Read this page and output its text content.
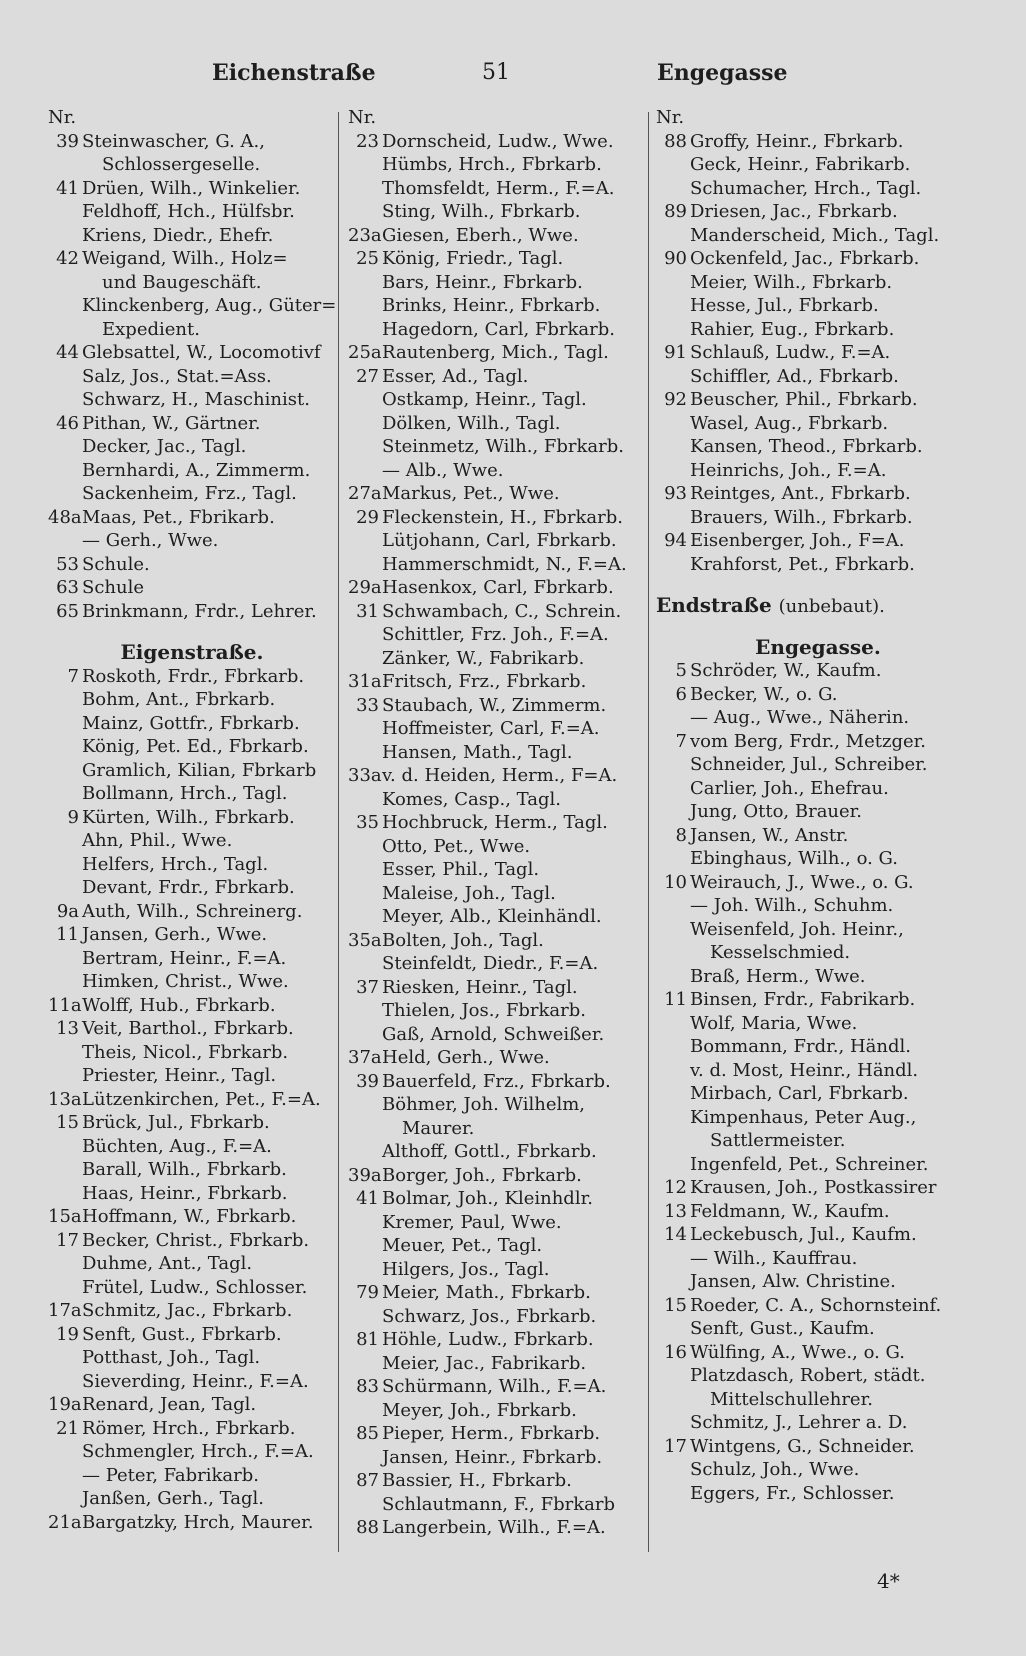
Eichenstraße	51	Engegasse
Nr.
39 Steinwascher, G. A.,
Schlossergeselle.
41 Drüen, Wilh., Winkelier.
Feldhoff, Hch., Hülfsbr.
Kriens, Diedr., Ehefr.
42 Weigand, Wilh., Holz=
und Baugeschäft.
Klinckenberg, Aug., Güter=
Expedient.
44 Glebsattel, W., Locomotivf
Salz, Jos., Stat.=Ass.
Schwarz, H., Maschinist.
46 Pithan, W., Gärtner.
Decker, Jac., Tagl.
Bernhardi, A., Zimmerm.
Sackenheim, Frz., Tagl.
48a Maas, Pet., Fbrikarb.
— Gerh., Wwe.
53 Schule.
63 Schule
65 Brinkmann, Frdr., Lehrer.
Eigenstraße.
7 Roskoth, Frdr., Fbrkarb.
Bohm, Ant., Fbrkarb.
Mainz, Gottfr., Fbrkarb.
König, Pet. Ed., Fbrkarb.
Gramlich, Kilian, Fbrkarb
Bollmann, Hrch., Tagl.
9 Kürten, Wilh., Fbrkarb.
Ahn, Phil., Wwe.
Helfers, Hrch., Tagl.
Devant, Frdr., Fbrkarb.
9a Auth, Wilh., Schreinerg.
11 Jansen, Gerh., Wwe.
Bertram, Heinr., F.=A.
Himken, Christ., Wwe.
11a Wolff, Hub., Fbrkarb.
13 Veit, Barthol., Fbrkarb.
Theis, Nicol., Fbrkarb.
Priester, Heinr., Tagl.
13a Lützenkirchen, Pet., F.=A.
15 Brück, Jul., Fbrkarb.
Büchten, Aug., F.=A.
Barall, Wilh., Fbrkarb.
Haas, Heinr., Fbrkarb.
15a Hoffmann, W., Fbrkarb.
17 Becker, Christ., Fbrkarb.
Duhme, Ant., Tagl.
Frütel, Ludw., Schlosser.
17a Schmitz, Jac., Fbrkarb.
19 Senft, Gust., Fbrkarb.
Potthast, Joh., Tagl.
Sieverding, Heinr., F.=A.
19a Renard, Jean, Tagl.
21 Römer, Hrch., Fbrkarb.
Schmengler, Hrch., F.=A.
— Peter, Fabrikarb.
Janßen, Gerh., Tagl.
21a Bargatzky, Hrch, Maurer.
Nr.
23 Dornscheid, Ludw., Wwe.
Hümbs, Hrch., Fbrkarb.
Thomsfeldt, Herm., F.=A.
Sting, Wilh., Fbrkarb.
23a Giesen, Eberh., Wwe.
25 König, Friedr., Tagl.
Bars, Heinr., Fbrkarb.
Brinks, Heinr., Fbrkarb.
Hagedorn, Carl, Fbrkarb.
25a Rautenberg, Mich., Tagl.
27 Esser, Ad., Tagl.
Ostkamp, Heinr., Tagl.
Dölken, Wilh., Tagl.
Steinmetz, Wilh., Fbrkarb.
— Alb., Wwe.
27a Markus, Pet., Wwe.
29 Fleckenstein, H., Fbrkarb.
Lütjohann, Carl, Fbrkarb.
Hammerschmidt, N., F.=A.
29a Hasenkox, Carl, Fbrkarb.
31 Schwambach, C., Schrein.
Schittler, Frz. Joh., F.=A.
Zänker, W., Fabrikarb.
31a Fritsch, Frz., Fbrkarb.
33 Staubach, W., Zimmerm.
Hoffmeister, Carl, F.=A.
Hansen, Math., Tagl.
33a v. d. Heiden, Herm., F=A.
Komes, Casp., Tagl.
35 Hochbruck, Herm., Tagl.
Otto, Pet., Wwe.
Esser, Phil., Tagl.
Maleise, Joh., Tagl.
Meyer, Alb., Kleinhändl.
35a Bolten, Joh., Tagl.
Steinfeldt, Diedr., F.=A.
37 Riesken, Heinr., Tagl.
Thielen, Jos., Fbrkarb.
Gaß, Arnold, Schweißer.
37a Held, Gerh., Wwe.
39 Bauerfeld, Frz., Fbrkarb.
Böhmer, Joh. Wilhelm,
Maurer.
Althoff, Gottl., Fbrkarb.
39a Borger, Joh., Fbrkarb.
41 Bolmar, Joh., Kleinhdlr.
Kremer, Paul, Wwe.
Meuer, Pet., Tagl.
Hilgers, Jos., Tagl.
79 Meier, Math., Fbrkarb.
Schwarz, Jos., Fbrkarb.
81 Höhle, Ludw., Fbrkarb.
Meier, Jac., Fabrikarb.
83 Schürmann, Wilh., F.=A.
Meyer, Joh., Fbrkarb.
85 Pieper, Herm., Fbrkarb.
Jansen, Heinr., Fbrkarb.
87 Bassier, H., Fbrkarb.
Schlautmann, F., Fbrkarb
88 Langerbein, Wilh., F.=A.
Nr.
88 Groffy, Heinr., Fbrkarb.
Geck, Heinr., Fabrikarb.
Schumacher, Hrch., Tagl.
89 Driesen, Jac., Fbrkarb.
Manderscheid, Mich., Tagl.
90 Ockenfeld, Jac., Fbrkarb.
Meier, Wilh., Fbrkarb.
Hesse, Jul., Fbrkarb.
Rahier, Eug., Fbrkarb.
91 Schlauß, Ludw., F.=A.
Schiffler, Ad., Fbrkarb.
92 Beuscher, Phil., Fbrkarb.
Wasel, Aug., Fbrkarb.
Kansen, Theod., Fbrkarb.
Heinrichs, Joh., F.=A.
93 Reintges, Ant., Fbrkarb.
Brauers, Wilh., Fbrkarb.
94 Eisenberger, Joh., F=A.
Krahforst, Pet., Fbrkarb.
Endstraße (unbebaut).
Engegasse.
5 Schröder, W., Kaufm.
6 Becker, W., o. G.
— Aug., Wwe., Näherin.
7 vom Berg, Frdr., Metzger.
Schneider, Jul., Schreiber.
Carlier, Joh., Ehefrau.
Jung, Otto, Brauer.
8 Jansen, W., Anstr.
Ebinghaus, Wilh., o. G.
10 Weirauch, J., Wwe., o. G.
— Joh. Wilh., Schuhm.
Weisenfeld, Joh. Heinr.,
Kesselschmied.
Braß, Herm., Wwe.
11 Binsen, Frdr., Fabrikarb.
Wolf, Maria, Wwe.
Bommann, Frdr., Händl.
v. d. Most, Heinr., Händl.
Mirbach, Carl, Fbrkarb.
Kimpenhaus, Peter Aug.,
Sattlermeister.
Ingenfeld, Pet., Schreiner.
12 Krausen, Joh., Postkassirer
13 Feldmann, W., Kaufm.
14 Leckebusch, Jul., Kaufm.
— Wilh., Kauffrau.
Jansen, Alw. Christine.
15 Roeder, C. A., Schornsteinf.
Senft, Gust., Kaufm.
16 Wülfing, A., Wwe., o. G.
Platzdasch, Robert, städt.
Mittelschullehrer.
Schmitz, J., Lehrer a. D.
17 Wintgens, G., Schneider.
Schulz, Joh., Wwe.
Eggers, Fr., Schlosser.
4*
